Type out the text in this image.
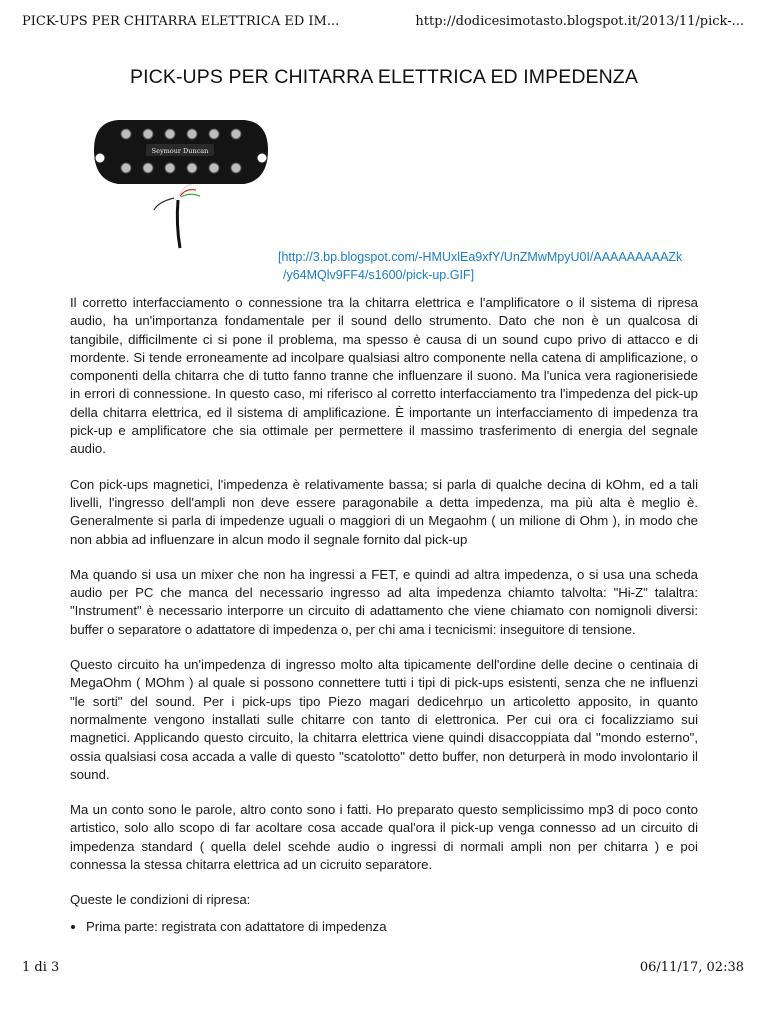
PICK-UPS PER CHITARRA ELETTRICA ED IM...	http://dodicesimotasto.blogspot.it/2013/11/pick-...
PICK-UPS PER CHITARRA ELETTRICA ED IMPEDENZA
Seymour Duncan
[http://3.bp.blogspot.com/-HMUxlEa9xfY/UnZMwMpyU0I/AAAAAAAAAZk
/y64MQlv9FF4/s1600/pick-up.GIF]

Il corretto interfacciamento o connessione tra la chitarra elettrica e l'amplificatore o il sistema di ripresa audio, ha un'importanza fondamentale per il sound dello strumento. Dato che non è un qualcosa di tangibile, difficilmente ci si pone il problema, ma spesso è causa di un sound cupo privo di attacco e di mordente. Si tende erroneamente ad incolpare qualsiasi altro componente nella catena di amplificazione, o componenti della chitarra che di tutto fanno tranne che influenzare il suono. Ma l'unica vera ragionerisiede in errori di connessione. In questo caso, mi riferisco al corretto interfacciamento tra l'impedenza del pick-up della chitarra elettrica, ed il sistema di amplificazione. È importante un interfacciamento di impedenza tra pick-up e amplificatore che sia ottimale per permettere il massimo trasferimento di energia del segnale audio.

Con pick-ups magnetici, l'impedenza è relativamente bassa; si parla di qualche decina di kOhm, ed a tali livelli, l'ingresso dell'ampli non deve essere paragonabile a detta impedenza, ma più alta è meglio è. Generalmente si parla di impedenze uguali o maggiori di un Megaohm ( un milione di Ohm ), in modo che non abbia ad influenzare in alcun modo il segnale fornito dal pick-up

Ma quando si usa un mixer che non ha ingressi a FET, e quindi ad altra impedenza, o si usa una scheda audio per PC che manca del necessario ingresso ad alta impedenza chiamto talvolta: "Hi-Z" talaltra: "Instrument" è necessario interporre un circuito di adattamento che viene chiamato con nomignoli diversi: buffer o separatore o adattatore di impedenza o, per chi ama i tecnicismi: inseguitore di tensione.

Questo circuito ha un'impedenza di ingresso molto alta tipicamente dell'ordine delle decine o centinaia di MegaOhm ( MOhm ) al quale si possono connettere tutti i tipi di pick-ups esistenti, senza che ne influenzi "le sorti" del sound. Per i pick-ups tipo Piezo magari dedicehrµo un articoletto apposito, in quanto normalmente vengono installati sulle chitarre con tanto di elettronica. Per cui ora ci focalizziamo sui magnetici. Applicando questo circuito, la chitarra elettrica viene quindi disaccoppiata dal "mondo esterno", ossia qualsiasi cosa accada a valle di questo "scatolotto" detto buffer, non deturperà in modo involontario il sound.

Ma un conto sono le parole, altro conto sono i fatti. Ho preparato questo semplicissimo mp3 di poco conto artistico, solo allo scopo di far acoltare cosa accade qual'ora il pick-up venga connesso ad un circuito di impedenza standard ( quella delel scehde audio o ingressi di normali ampli non per chitarra ) e poi connessa la stessa chitarra elettrica ad un cicruito separatore.

Queste le condizioni di ripresa:

• Prima parte: registrata con adattatore di impedenza
1 di 3	06/11/17, 02:38
